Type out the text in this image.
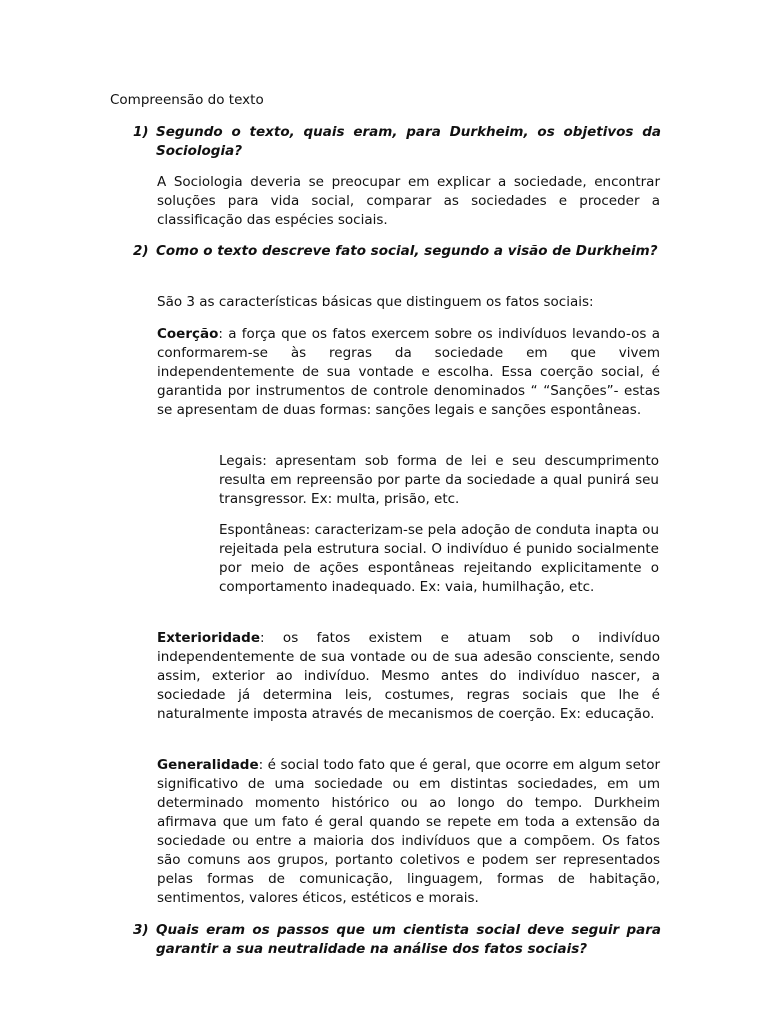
Compreensão do texto
1) Segundo o texto, quais eram, para Durkheim, os objetivos da Sociologia?
A Sociologia deveria se preocupar em explicar a sociedade, encontrar soluções para vida social, comparar as sociedades e proceder a classificação das espécies sociais.
2) Como o texto descreve fato social, segundo a visão de Durkheim?
São 3 as características básicas que distinguem os fatos sociais:
Coerção: a força que os fatos exercem sobre os indivíduos levando-os a conformarem-se às regras da sociedade em que vivem independentemente de sua vontade e escolha. Essa coerção social, é garantida por instrumentos de controle denominados “ “Sanções”- estas se apresentam de duas formas: sanções legais e sanções espontâneas.
Legais: apresentam sob forma de lei e seu descumprimento resulta em repreensão por parte da sociedade a qual punirá seu transgressor. Ex: multa, prisão, etc.
Espontâneas: caracterizam-se pela adoção de conduta inapta ou rejeitada pela estrutura social. O indivíduo é punido socialmente por meio de ações espontâneas rejeitando explicitamente o comportamento inadequado. Ex: vaia, humilhação, etc.
Exterioridade: os fatos existem e atuam sob o indivíduo independentemente de sua vontade ou de sua adesão consciente, sendo assim, exterior ao indivíduo. Mesmo antes do indivíduo nascer, a sociedade já determina leis, costumes, regras sociais que lhe é naturalmente imposta através de mecanismos de coerção. Ex: educação.
Generalidade: é social todo fato que é geral, que ocorre em algum setor significativo de uma sociedade ou em distintas sociedades, em um determinado momento histórico ou ao longo do tempo. Durkheim afirmava que um fato é geral quando se repete em toda a extensão da sociedade ou entre a maioria dos indivíduos que a compõem. Os fatos são comuns aos grupos, portanto coletivos e podem ser representados pelas formas de comunicação, linguagem, formas de habitação, sentimentos, valores éticos, estéticos e morais.
3) Quais eram os passos que um cientista social deve seguir para garantir a sua neutralidade na análise dos fatos sociais?
